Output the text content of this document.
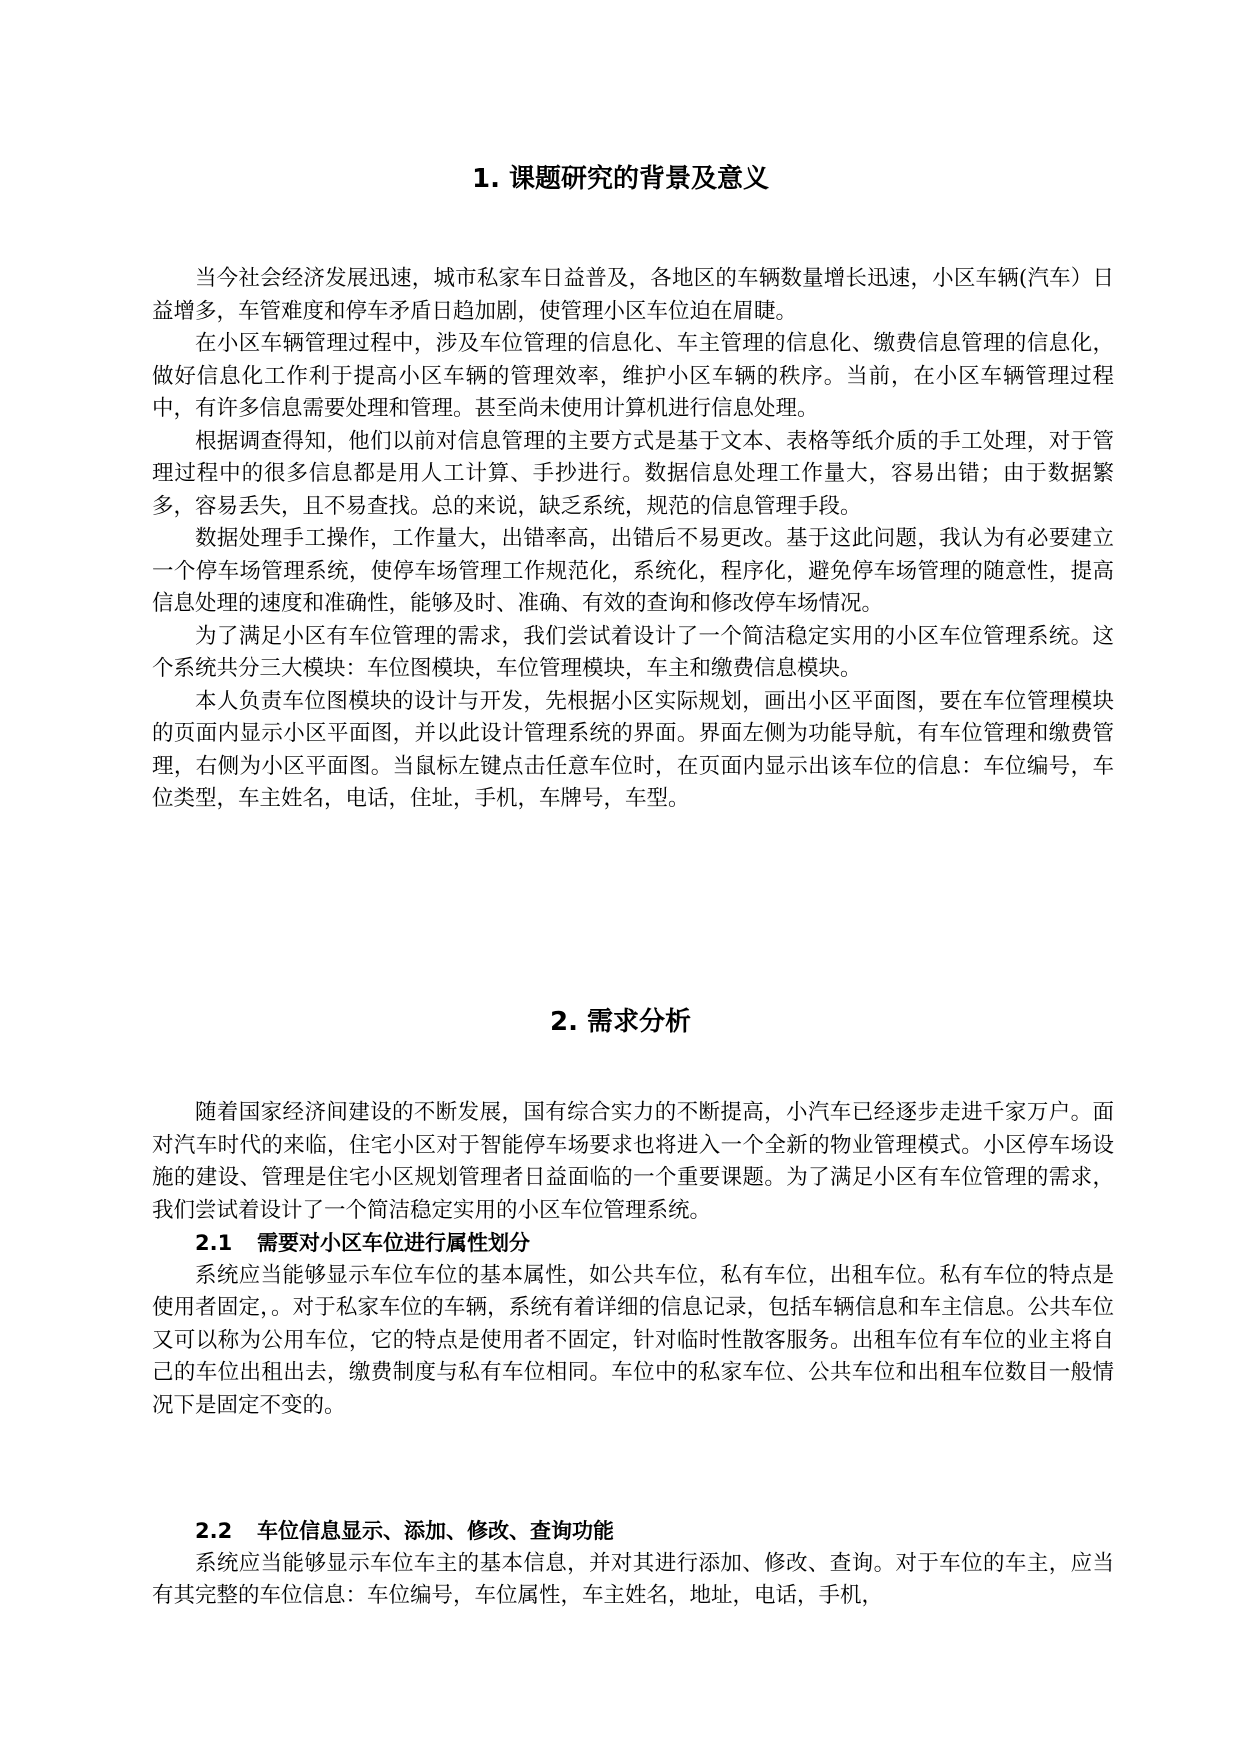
1. 课题研究的背景及意义

当今社会经济发展迅速，城市私家车日益普及，各地区的车辆数量增长迅速，小区车辆(汽车）日益增多，车管难度和停车矛盾日趋加剧，使管理小区车位迫在眉睫。

在小区车辆管理过程中，涉及车位管理的信息化、车主管理的信息化、缴费信息管理的信息化，做好信息化工作利于提高小区车辆的管理效率，维护小区车辆的秩序。当前，在小区车辆管理过程中，有许多信息需要处理和管理。甚至尚未使用计算机进行信息处理。

根据调查得知，他们以前对信息管理的主要方式是基于文本、表格等纸介质的手工处理，对于管理过程中的很多信息都是用人工计算、手抄进行。数据信息处理工作量大，容易出错；由于数据繁多，容易丢失，且不易查找。总的来说，缺乏系统，规范的信息管理手段。

数据处理手工操作，工作量大，出错率高，出错后不易更改。基于这此问题，我认为有必要建立一个停车场管理系统，使停车场管理工作规范化，系统化，程序化，避免停车场管理的随意性，提高信息处理的速度和准确性，能够及时、准确、有效的查询和修改停车场情况。

为了满足小区有车位管理的需求，我们尝试着设计了一个简洁稳定实用的小区车位管理系统。这个系统共分三大模块：车位图模块，车位管理模块，车主和缴费信息模块。

本人负责车位图模块的设计与开发，先根据小区实际规划，画出小区平面图，要在车位管理模块的页面内显示小区平面图，并以此设计管理系统的界面。界面左侧为功能导航，有车位管理和缴费管理，右侧为小区平面图。当鼠标左键点击任意车位时，在页面内显示出该车位的信息：车位编号，车位类型，车主姓名，电话，住址，手机，车牌号，车型。

2. 需求分析

随着国家经济间建设的不断发展，国有综合实力的不断提高，小汽车已经逐步走进千家万户。面对汽车时代的来临，住宅小区对于智能停车场要求也将进入一个全新的物业管理模式。小区停车场设施的建设、管理是住宅小区规划管理者日益面临的一个重要课题。为了满足小区有车位管理的需求，我们尝试着设计了一个简洁稳定实用的小区车位管理系统。

2.1 需要对小区车位进行属性划分

系统应当能够显示车位车位的基本属性，如公共车位，私有车位，出租车位。私有车位的特点是使用者固定，。对于私家车位的车辆，系统有着详细的信息记录，包括车辆信息和车主信息。公共车位又可以称为公用车位，它的特点是使用者不固定，针对临时性散客服务。出租车位有车位的业主将自己的车位出租出去，缴费制度与私有车位相同。车位中的私家车位、公共车位和出租车位数目一般情况下是固定不变的。

2.2 车位信息显示、添加、修改、查询功能

系统应当能够显示车位车主的基本信息，并对其进行添加、修改、查询。对于车位的车主，应当有其完整的车位信息：车位编号，车位属性，车主姓名，地址，电话，手机，
